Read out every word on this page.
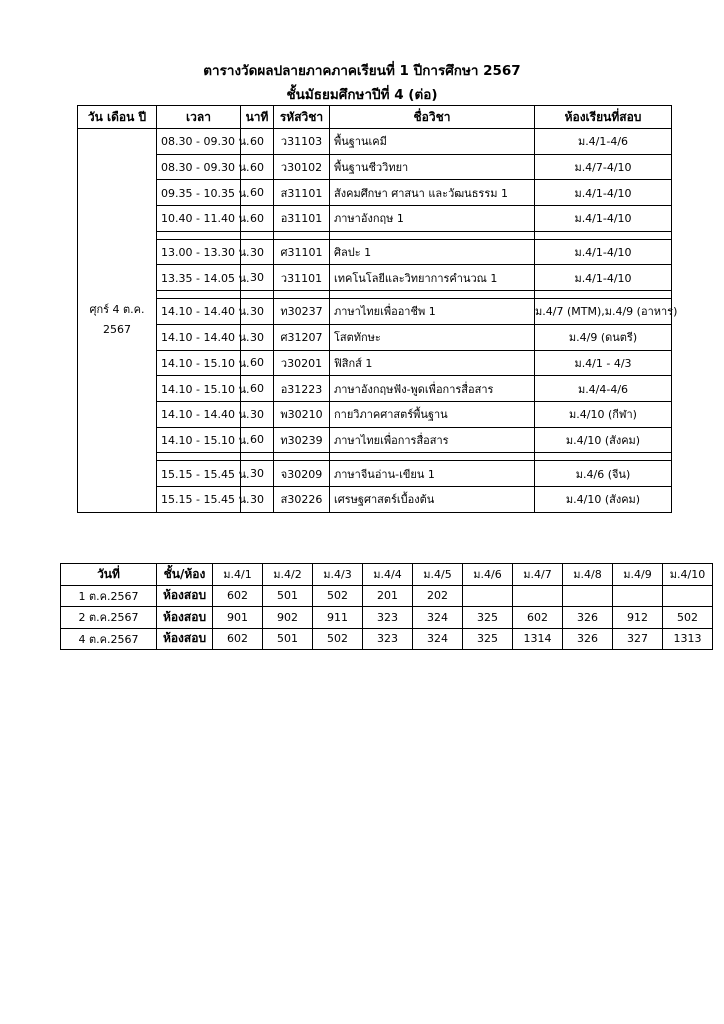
ตารางวัดผลปลายภาคภาคเรียนที่ 1 ปีการศึกษา 2567
ชั้นมัธยมศึกษาปีที่ 4 (ต่อ)
วัน เดือน ปี	เวลา	นาที	รหัสวิชา	ชื่อวิชา	ห้องเรียนที่สอบ

ศุกร์ 4 ต.ค.
2567	08.30 - 09.30 น.	60	ว31103	พื้นฐานเคมี	ม.4/1-4/6
	08.30 - 09.30 น.	60	ว30102	พื้นฐานชีววิทยา	ม.4/7-4/10
	09.35 - 10.35 น.	60	ส31101	สังคมศึกษา ศาสนา และวัฒนธรรม 1	ม.4/1-4/10
	10.40 - 11.40 น.	60	อ31101	ภาษาอังกฤษ 1	ม.4/1-4/10

	13.00 - 13.30 น.	30	ศ31101	ศิลปะ 1	ม.4/1-4/10
	13.35 - 14.05 น.	30	ว31101	เทคโนโลยีและวิทยาการคำนวณ 1	ม.4/1-4/10

	14.10 - 14.40 น.	30	ท30237	ภาษาไทยเพื่ออาชีพ 1	ม.4/7 (MTM),ม.4/9 (อาหาร)
	14.10 - 14.40 น.	30	ศ31207	โสตทักษะ	ม.4/9 (ดนตรี)
	14.10 - 15.10 น.	60	ว30201	ฟิสิกส์ 1	ม.4/1 - 4/3
	14.10 - 15.10 น.	60	อ31223	ภาษาอังกฤษฟัง-พูดเพื่อการสื่อสาร	ม.4/4-4/6
	14.10 - 14.40 น.	30	พ30210	กายวิภาคศาสตร์พื้นฐาน	ม.4/10 (กีฬา)
	14.10 - 15.10 น.	60	ท30239	ภาษาไทยเพื่อการสื่อสาร	ม.4/10 (สังคม)

	15.15 - 15.45 น.	30	จ30209	ภาษาจีนอ่าน-เขียน 1	ม.4/6 (จีน)
	15.15 - 15.45 น.	30	ส30226	เศรษฐศาสตร์เบื้องต้น	ม.4/10 (สังคม)
วันที่	ชั้น/ห้อง	ม.4/1	ม.4/2	ม.4/3	ม.4/4	ม.4/5	ม.4/6	ม.4/7	ม.4/8	ม.4/9	ม.4/10
1 ต.ค.2567	ห้องสอบ	602	501	502	201	202					
2 ต.ค.2567	ห้องสอบ	901	902	911	323	324	325	602	326	912	502
4 ต.ค.2567	ห้องสอบ	602	501	502	323	324	325	1314	326	327	1313
